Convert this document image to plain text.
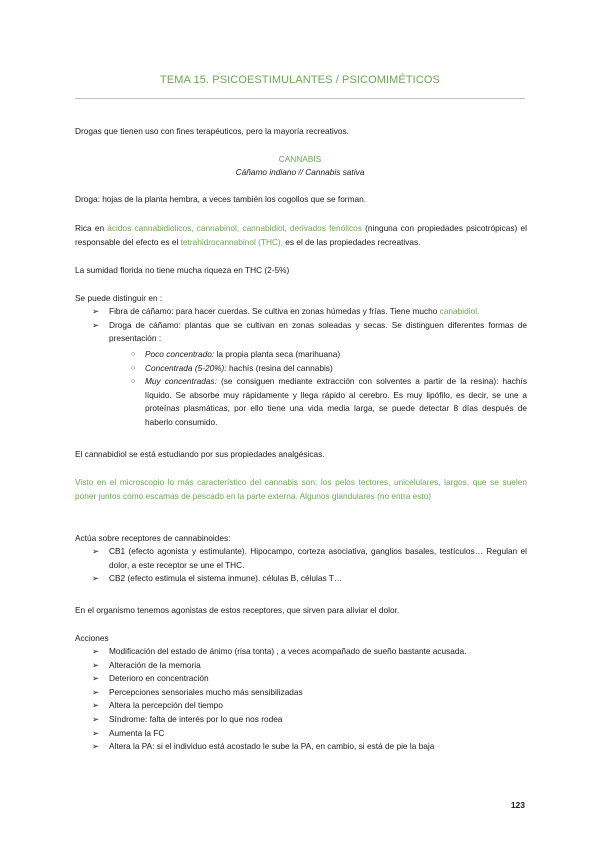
TEMA 15. PSICOESTIMULANTES / PSICOMIMÉTICOS
Drogas que tienen uso con fines terapéuticos, pero la mayoría recreativos.
CANNABIS
Cáñamo indiano // Cannabis sativa
Droga: hojas de la planta hembra, a veces también los cogollos que se forman.
Rica en ácidos cannabidiolicos, cannabinol, cannabidiol, derivados fenólicos (ninguna con propiedades psicotrópicas) el responsable del efecto es el tetrahidrocannabinol (THC), es el de las propiedades recreativas.
La sumidad florida no tiene mucha riqueza en THC (2-5%)
Se puede distinguir en :
➢ Fibra de cáñamo: para hacer cuerdas. Se cultiva en zonas húmedas y frías. Tiene mucho canabidiol.
➢ Droga de cáñamo: plantas que se cultivan en zonas soleadas y secas. Se distinguen diferentes formas de presentación :
○ Poco concentrado: la propia planta seca (marihuana)
○ Concentrada (5-20%): hachís (resina del cannabis)
○ Muy concentradas: (se consiguen mediante extracción con solventes a partir de la resina): hachís líquido. Se absorbe muy rápidamente y llega rápido al cerebro. Es muy lipófilo, es decir, se une a proteínas plasmáticas, por ello tiene una vida media larga, se puede detectar 8 días después de haberlo consumido.
El cannabidiol se está estudiando por sus propiedades analgésicas.
Visto en el microscopio lo más característico del cannabis son: los pelos tectores, unicelulares, largos, que se suelen poner juntos como escamas de pescado en la parte externa. Algunos glandulares (no entra esto)
Actúa sobre receptores de cannabinoides:
➢ CB1 (efecto agonista y estimulante). Hipocampo, corteza asociativa, ganglios basales, testículos… Regulan el dolor, a este receptor se une el THC.
➢ CB2 (efecto estimula el sistema inmune). células B, células T…
En el organismo tenemos agonistas de estos receptores, que sirven para aliviar el dolor.
Acciones
➢ Modificación del estado de ánimo (risa tonta) , a veces acompañado de sueño bastante acusada.
➢ Alteración de la memoria
➢ Deterioro en concentración
➢ Percepciones sensoriales mucho más sensibilizadas
➢ Altera la percepción del tiempo
➢ Síndrome: falta de interés por lo que nos rodea
➢ Aumenta la FC
➢ Altera la PA: si el individuo está acostado le sube la PA, en cambio, si está de pie la baja
123
